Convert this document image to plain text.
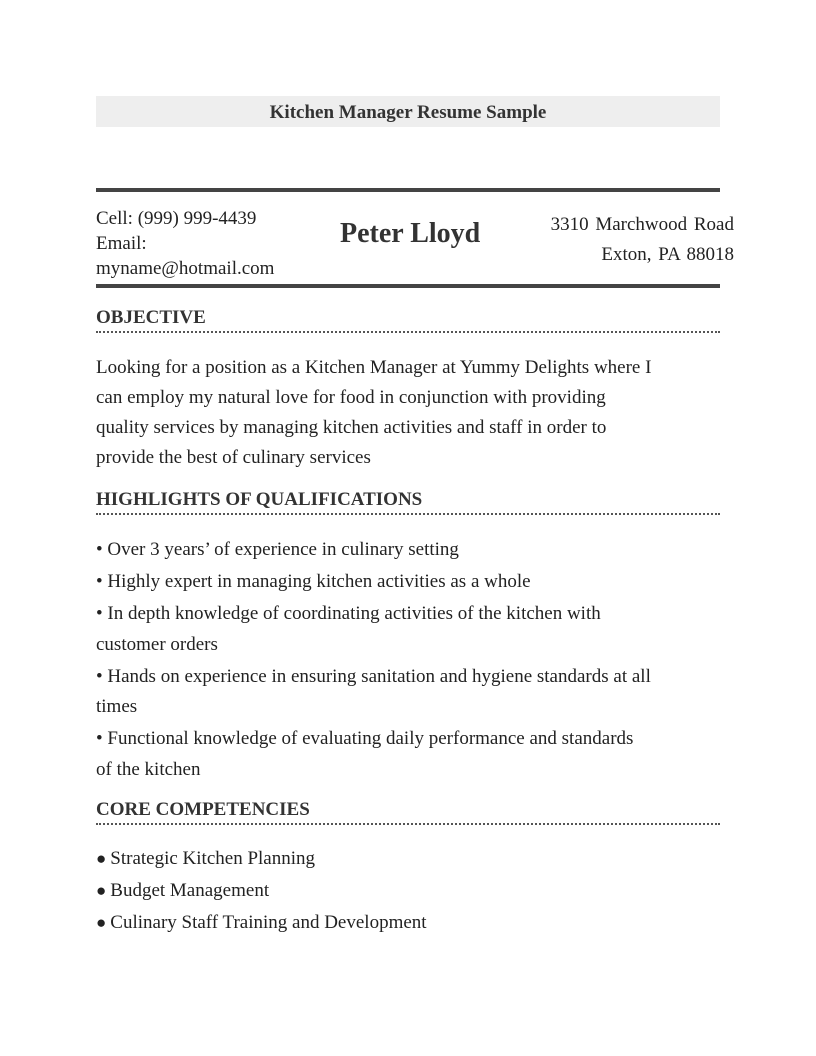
Kitchen Manager Resume Sample
Cell: (999) 999-4439
Email:
myname@hotmail.com
Peter Lloyd	3310 Marchwood Road
Exton, PA 88018
OBJECTIVE
Looking for a position as a Kitchen Manager at Yummy Delights where I
can employ my natural love for food in conjunction with providing
quality services by managing kitchen activities and staff in order to
provide the best of culinary services
HIGHLIGHTS OF QUALIFICATIONS
• Over 3 years’ of experience in culinary setting
• Highly expert in managing kitchen activities as a whole
• In depth knowledge of coordinating activities of the kitchen with
customer orders
• Hands on experience in ensuring sanitation and hygiene standards at all
times
• Functional knowledge of evaluating daily performance and standards
of the kitchen
CORE COMPETENCIES
● Strategic Kitchen Planning
● Budget Management
● Culinary Staff Training and Development
